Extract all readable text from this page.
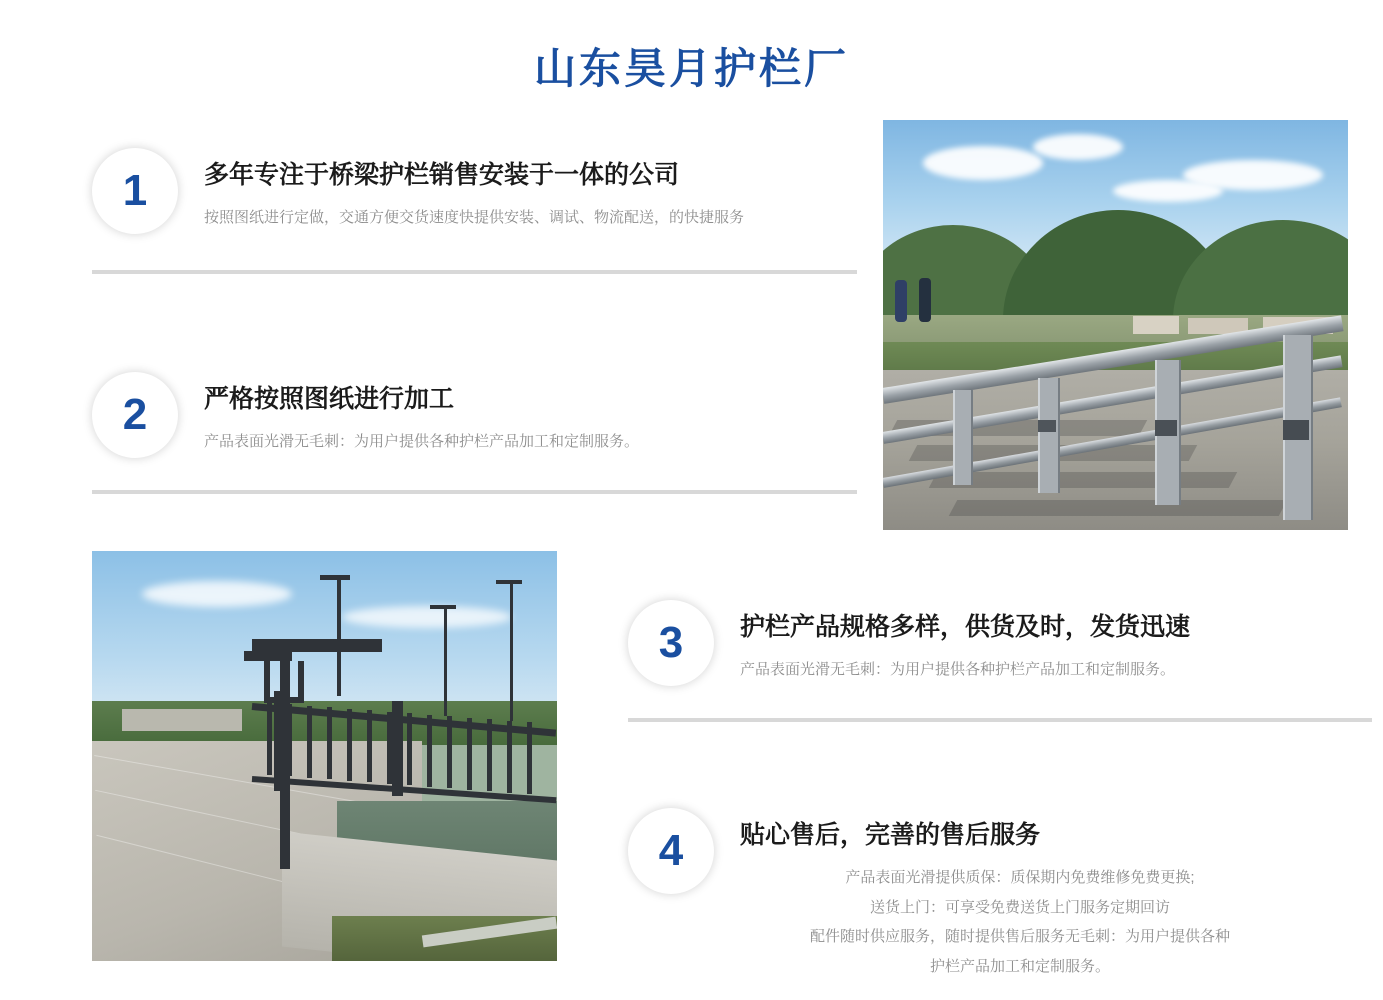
山东昊月护栏厂
1	多年专注于桥梁护栏销售安装于一体的公司
按照图纸进行定做，交通方便交货速度快提供安装、调试、物流配送，的快捷服务
2	严格按照图纸进行加工
产品表面光滑无毛刺：为用户提供各种护栏产品加工和定制服务。
3	护栏产品规格多样，供货及时，发货迅速
产品表面光滑无毛刺：为用户提供各种护栏产品加工和定制服务。
4	贴心售后，完善的售后服务
产品表面光滑提供质保：质保期内免费维修免费更换;
送货上门：可享受免费送货上门服务定期回访
配件随时供应服务，随时提供售后服务无毛刺：为用户提供各种
护栏产品加工和定制服务。
